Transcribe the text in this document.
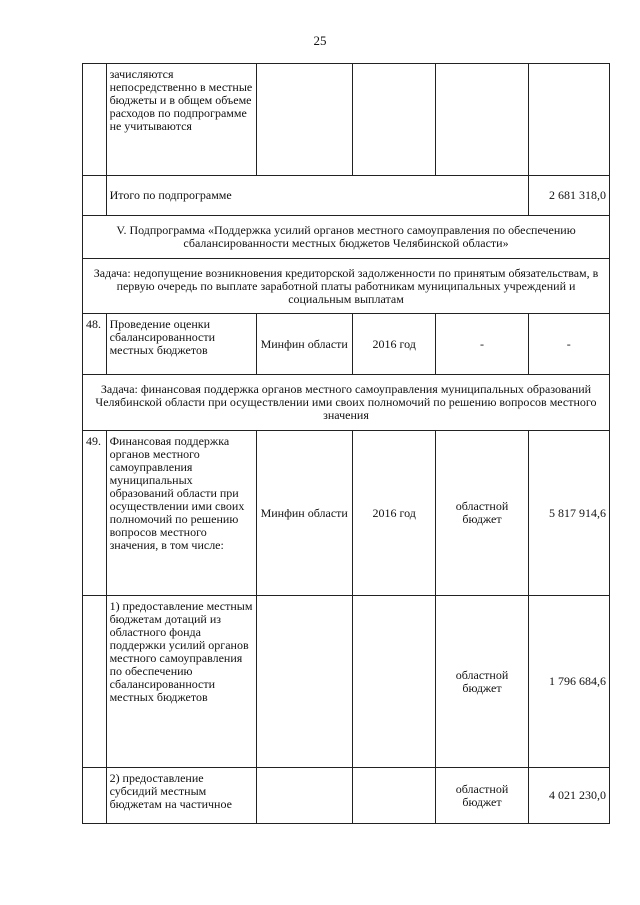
25
	зачисляются непосредственно в местные бюджеты и в общем объеме расходов по подпрограмме не учитываются				
	Итого по подпрограмме				2 681 318,0
V. Подпрограмма «Поддержка усилий органов местного самоуправления по обеспечению сбалансированности местных бюджетов Челябинской области»					
Задача: недопущение возникновения кредиторской задолженности по принятым обязательствам, в первую очередь по выплате заработной платы работникам муниципальных учреждений и социальным выплатам					
48.	Проведение оценки сбалансированности местных бюджетов	Минфин области	2016 год	-	-
Задача: финансовая поддержка органов местного самоуправления муниципальных образований Челябинской области при осуществлении ими своих полномочий по решению вопросов местного значения					
49.	Финансовая поддержка органов местного самоуправления муниципальных образований области при осуществлении ими своих полномочий по решению вопросов местного значения, в том числе:	Минфин области	2016 год	областной бюджет	5 817 914,6
	1) предоставление местным бюджетам дотаций из областного фонда поддержки усилий органов местного самоуправления по обеспечению сбалансированности местных бюджетов			областной бюджет	1 796 684,6
	2) предоставление субсидий местным бюджетам на частичное			областной бюджет	4 021 230,0
